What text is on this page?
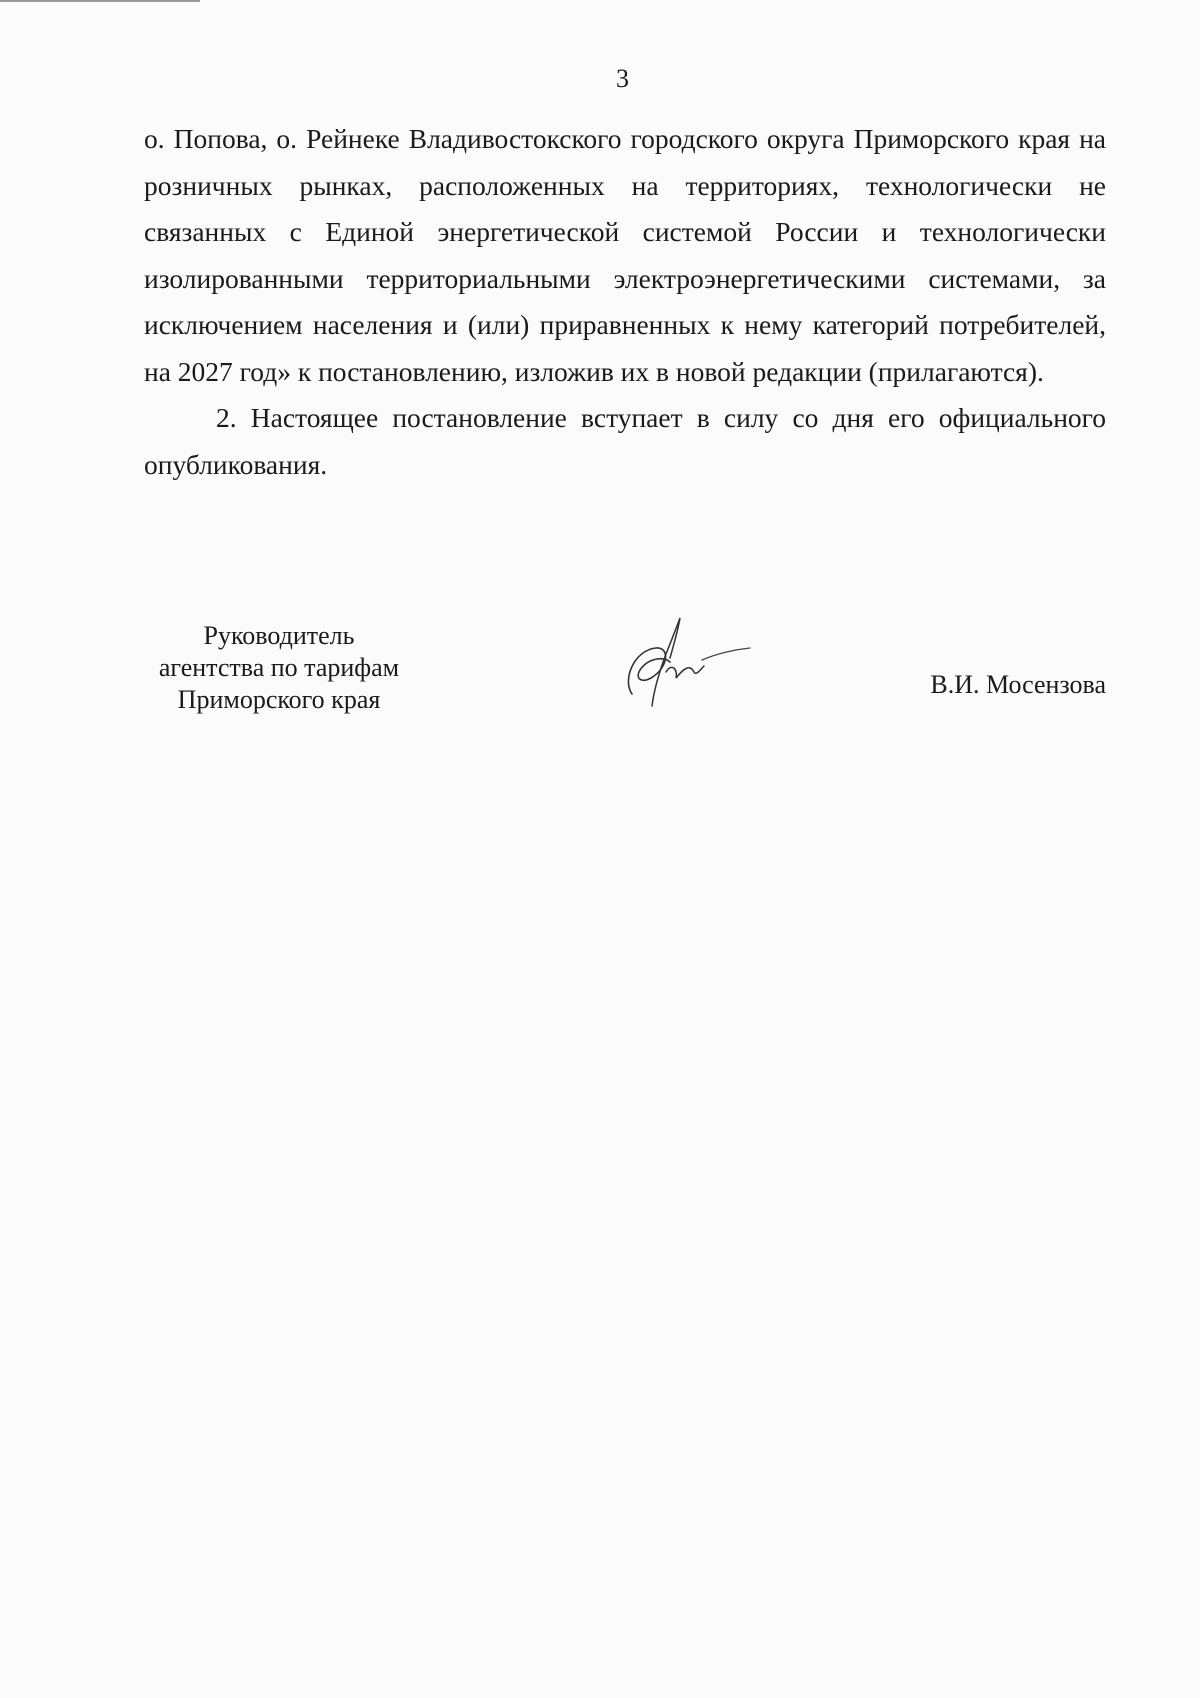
3

о. Попова, о. Рейнеке Владивостокского городского округа Приморского края на розничных рынках, расположенных на территориях, технологически не связанных с Единой энергетической системой России и технологически изолированными территориальными электроэнергетическими системами, за исключением населения и (или) приравненных к нему категорий потребителей, на 2027 год» к постановлению, изложив их в новой редакции (прилагаются).

2. Настоящее постановление вступает в силу со дня его официального опубликования.

Руководитель
агентства по тарифам
Приморского края
В.И. Мосензова
